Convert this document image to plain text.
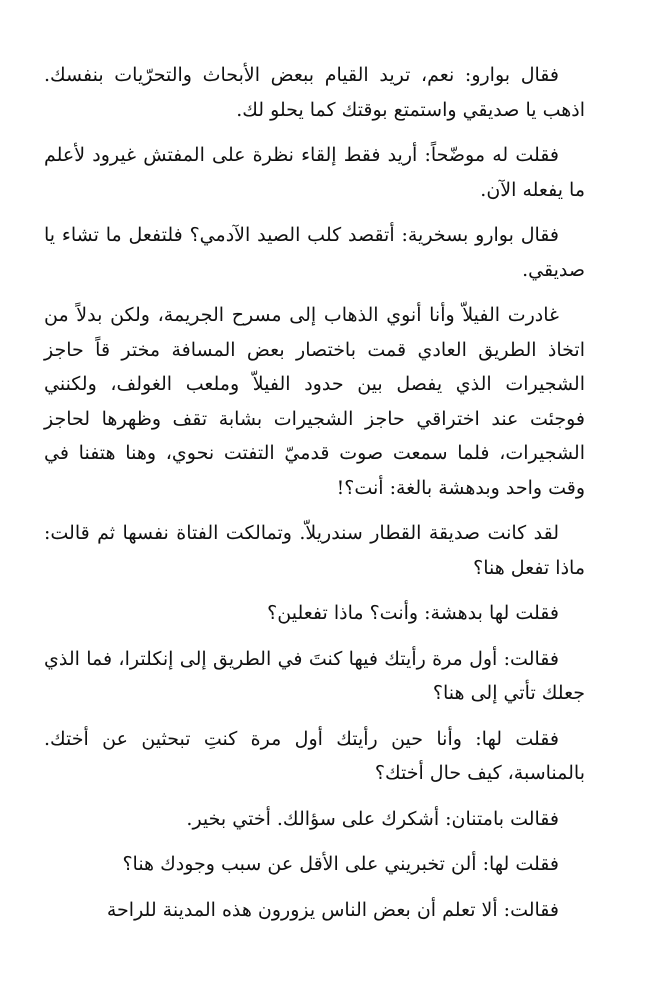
فقال بوارو: نعم، تريد القيام ببعض الأبحاث والتحرّيات بنفسك. اذهب يا صديقي واستمتع بوقتك كما يحلو لك.

فقلت له موضّحاً: أريد فقط إلقاء نظرة على المفتش غيرود لأعلم ما يفعله الآن.

فقال بوارو بسخرية: أتقصد كلب الصيد الآدمي؟ فلتفعل ما تشاء يا صديقي.

غادرت الفيلاّ وأنا أنوي الذهاب إلى مسرح الجريمة، ولكن بدلاً من اتخاذ الطريق العادي قمت باختصار بعض المسافة مختر قاً حاجز الشجيرات الذي يفصل بين حدود الفيلاّ وملعب الغولف، ولكنني فوجئت عند اختراقي حاجز الشجيرات بشابة تقف وظهرها لحاجز الشجيرات، فلما سمعت صوت قدميّ التفتت نحوي، وهنا هتفنا في وقت واحد وبدهشة بالغة: أنت؟!

لقد كانت صديقة القطار سندريلاّ. وتمالكت الفتاة نفسها ثم قالت: ماذا تفعل هنا؟

فقلت لها بدهشة: وأنت؟ ماذا تفعلين؟

فقالت: أول مرة رأيتك فيها كنتَ في الطريق إلى إنكلترا، فما الذي جعلك تأتي إلى هنا؟

فقلت لها: وأنا حين رأيتك أول مرة كنتِ تبحثين عن أختك. بالمناسبة، كيف حال أختك؟

فقالت بامتنان: أشكرك على سؤالك. أختي بخير.

فقلت لها: ألن تخبريني على الأقل عن سبب وجودك هنا؟

فقالت: ألا تعلم أن بعض الناس يزورون هذه المدينة للراحة
